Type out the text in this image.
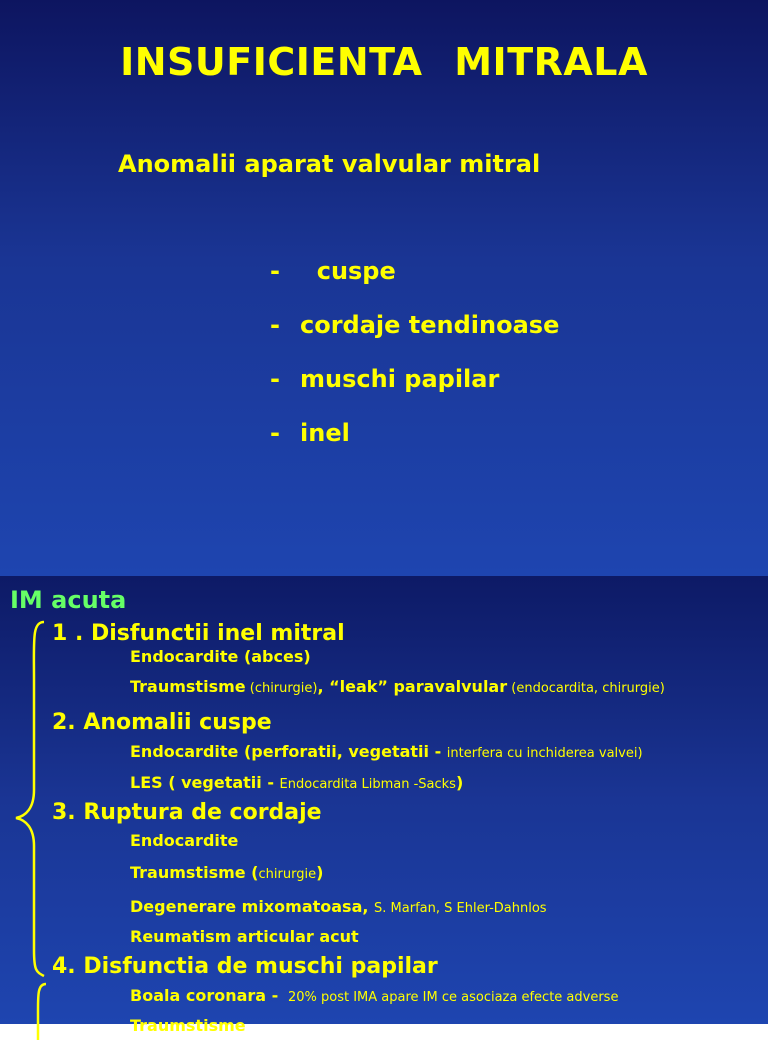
INSUFICIENTA MITRALA
Anomalii aparat valvular mitral
-  cuspe
- cordaje tendinoase
- muschi papilar
- inel
IM acuta
1 . Disfunctii inel mitral
Endocardite (abces)
Traumstisme (chirurgie), “leak” paravalvular (endocardita, chirurgie)
2. Anomalii cuspe
Endocardite (perforatii, vegetatii - interfera cu inchiderea valvei)
LES ( vegetatii - Endocardita Libman -Sacks)
3. Ruptura de cordaje
Endocardite
Traumstisme (chirurgie)
Degenerare mixomatoasa, S. Marfan, S Ehler-Dahnlos
Reumatism articular acut
4. Disfunctia de muschi papilar
Boala coronara -  20% post IMA apare IM ce asociaza efecte adverse
Traumstisme
